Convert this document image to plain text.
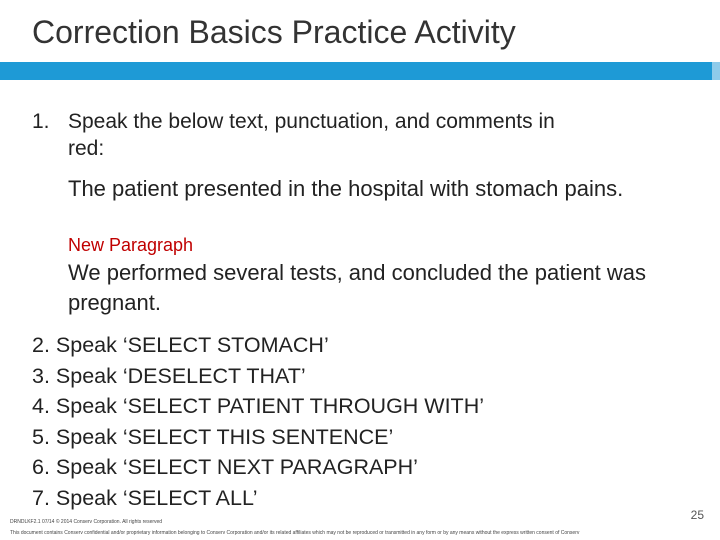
Correction Basics Practice Activity
1. Speak the below text, punctuation, and comments in red:
The patient presented in the hospital with stomach pains.
New Paragraph
We performed several tests, and concluded the patient was pregnant.
2. Speak ‘SELECT STOMACH’
3. Speak ‘DESELECT THAT’
4. Speak ‘SELECT PATIENT THROUGH WITH’
5. Speak ‘SELECT THIS SENTENCE’
6. Speak ‘SELECT NEXT PARAGRAPH’
7. Speak ‘SELECT ALL’
DRNDLKF2.1 07/14 © 2014 Conserv Corporation. All rights reserved
This document contains Conserv confidential and/or proprietary information belonging to Conserv Corporation and/or its related affiliates which may not be reproduced or transmitted in any form or by any means without the express written consent of Conserv
25
